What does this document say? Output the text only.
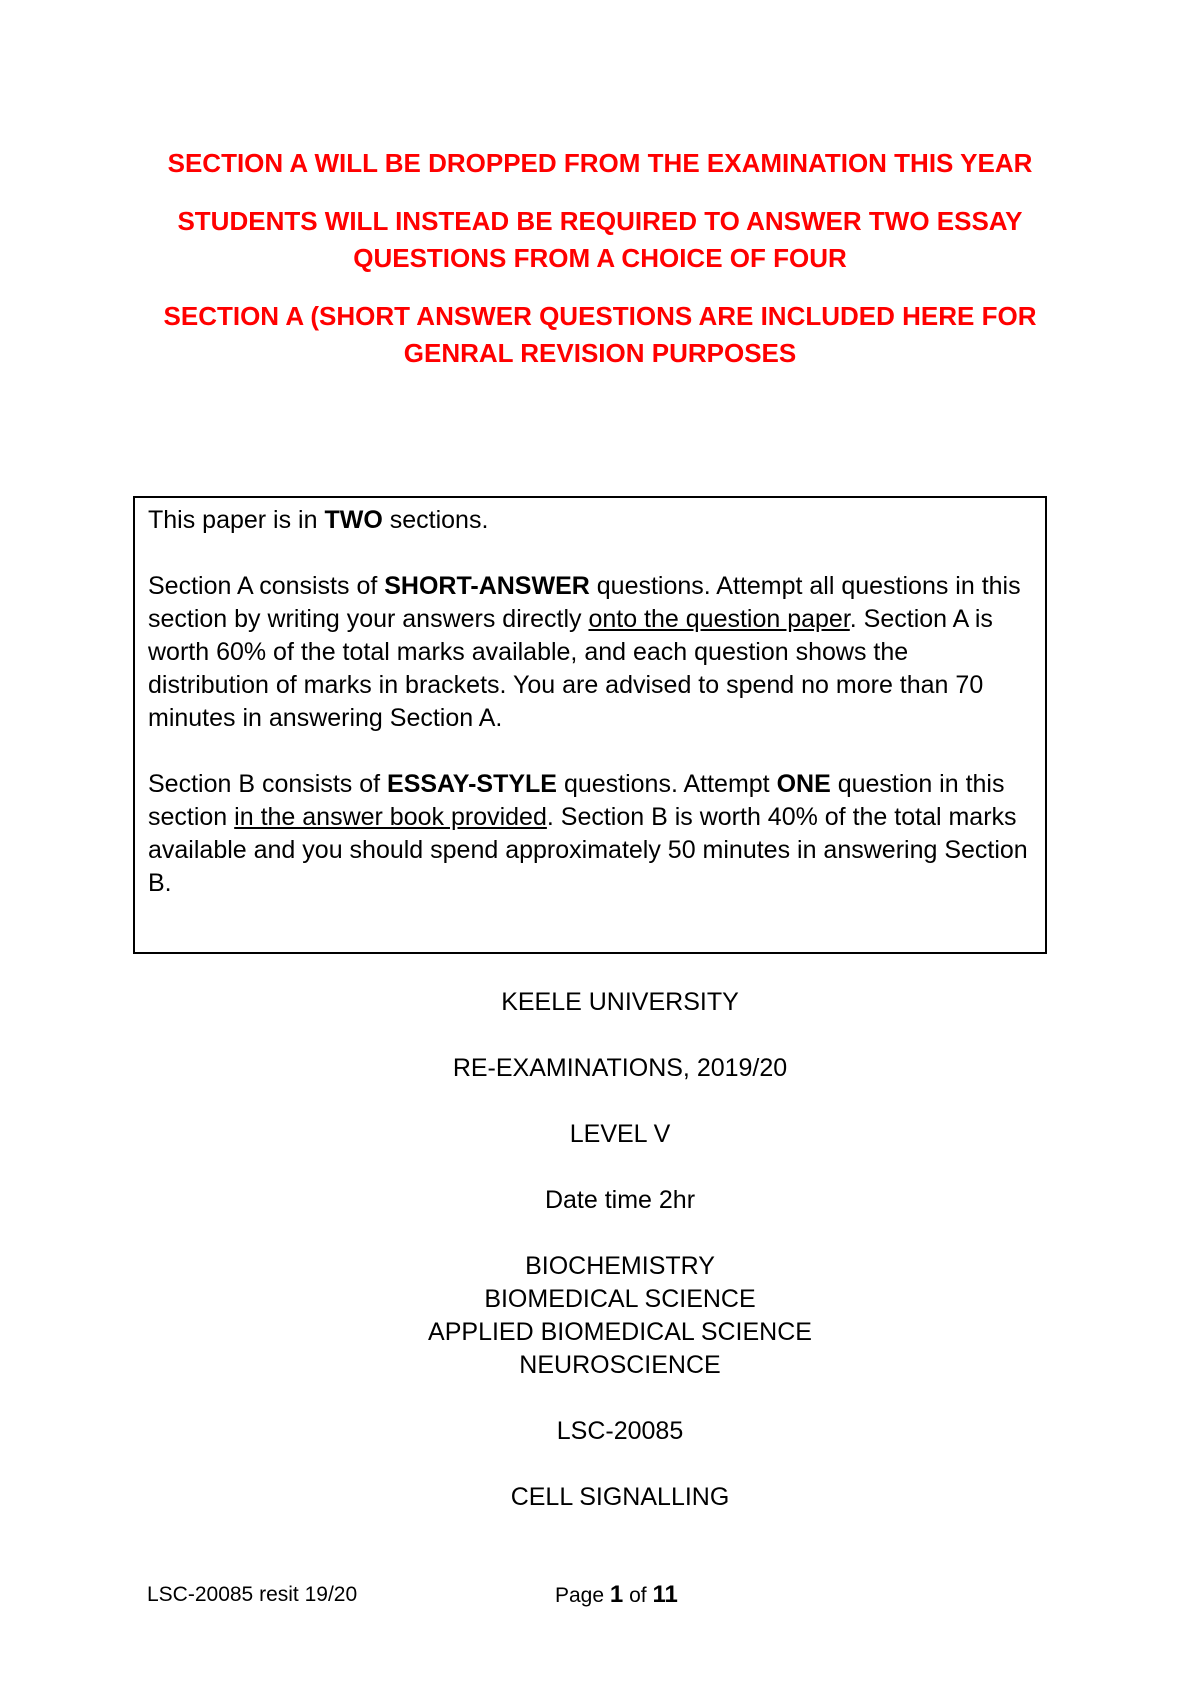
SECTION A WILL BE DROPPED FROM THE EXAMINATION THIS YEAR

STUDENTS WILL INSTEAD BE REQUIRED TO ANSWER TWO ESSAY QUESTIONS FROM A CHOICE OF FOUR

SECTION A (SHORT ANSWER QUESTIONS ARE INCLUDED HERE FOR GENRAL REVISION PURPOSES

This paper is in TWO sections.

Section A consists of SHORT-ANSWER questions. Attempt all questions in this section by writing your answers directly onto the question paper. Section A is worth 60% of the total marks available, and each question shows the distribution of marks in brackets. You are advised to spend no more than 70 minutes in answering Section A.

Section B consists of ESSAY-STYLE questions. Attempt ONE question in this section in the answer book provided. Section B is worth 40% of the total marks available and you should spend approximately 50 minutes in answering Section B.

KEELE UNIVERSITY
RE-EXAMINATIONS, 2019/20
LEVEL V
Date time 2hr
BIOCHEMISTRY
BIOMEDICAL SCIENCE
APPLIED BIOMEDICAL SCIENCE
NEUROSCIENCE
LSC-20085
CELL SIGNALLING
LSC-20085 resit 19/20	Page 1 of 11
